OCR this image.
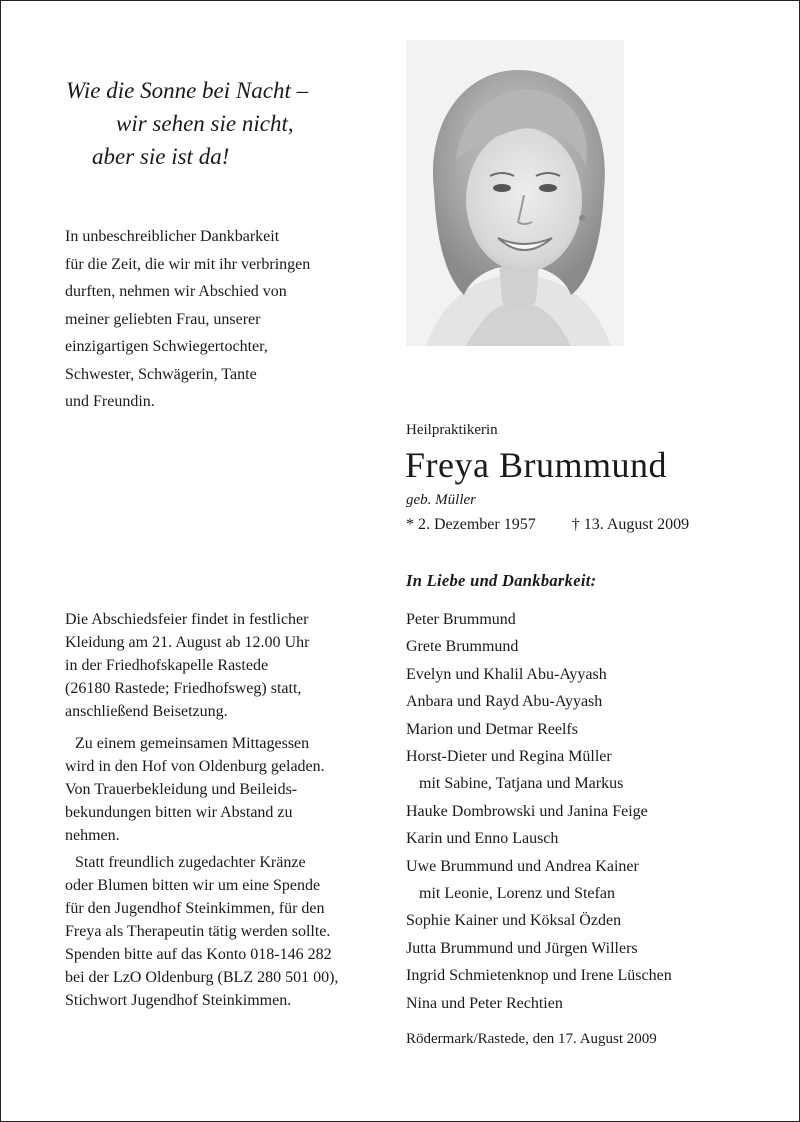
Wie die Sonne bei Nacht –
wir sehen sie nicht,
aber sie ist da!
In unbeschreiblicher Dankbarkeit
für die Zeit, die wir mit ihr verbringen
durften, nehmen wir Abschied von
meiner geliebten Frau, unserer
einzigartigen Schwiegertochter,
Schwester, Schwägerin, Tante
und Freundin.
Heilpraktikerin
Freya Brummund
geb. Müller
* 2. Dezember 1957 † 13. August 2009
In Liebe und Dankbarkeit:
Peter Brummund
Grete Brummund
Evelyn und Khalil Abu-Ayyash
Anbara und Rayd Abu-Ayyash
Marion und Detmar Reelfs
Horst-Dieter und Regina Müller
mit Sabine, Tatjana und Markus
Hauke Dombrowski und Janina Feige
Karin und Enno Lausch
Uwe Brummund und Andrea Kainer
mit Leonie, Lorenz und Stefan
Sophie Kainer und Köksal Özden
Jutta Brummund und Jürgen Willers
Ingrid Schmietenknop und Irene Lüschen
Nina und Peter Rechtien
Rödermark/Rastede, den 17. August 2009
Die Abschiedsfeier findet in festlicher
Kleidung am 21. August ab 12.00 Uhr
in der Friedhofskapelle Rastede
(26180 Rastede; Friedhofsweg) statt,
anschließend Beisetzung.
Zu einem gemeinsamen Mittagessen
wird in den Hof von Oldenburg geladen.
Von Trauerbekleidung und Beileids-
bekundungen bitten wir Abstand zu
nehmen.
Statt freundlich zugedachter Kränze
oder Blumen bitten wir um eine Spende
für den Jugendhof Steinkimmen, für den
Freya als Therapeutin tätig werden sollte.
Spenden bitte auf das Konto 018-146 282
bei der LzO Oldenburg (BLZ 280 501 00),
Stichwort Jugendhof Steinkimmen.
